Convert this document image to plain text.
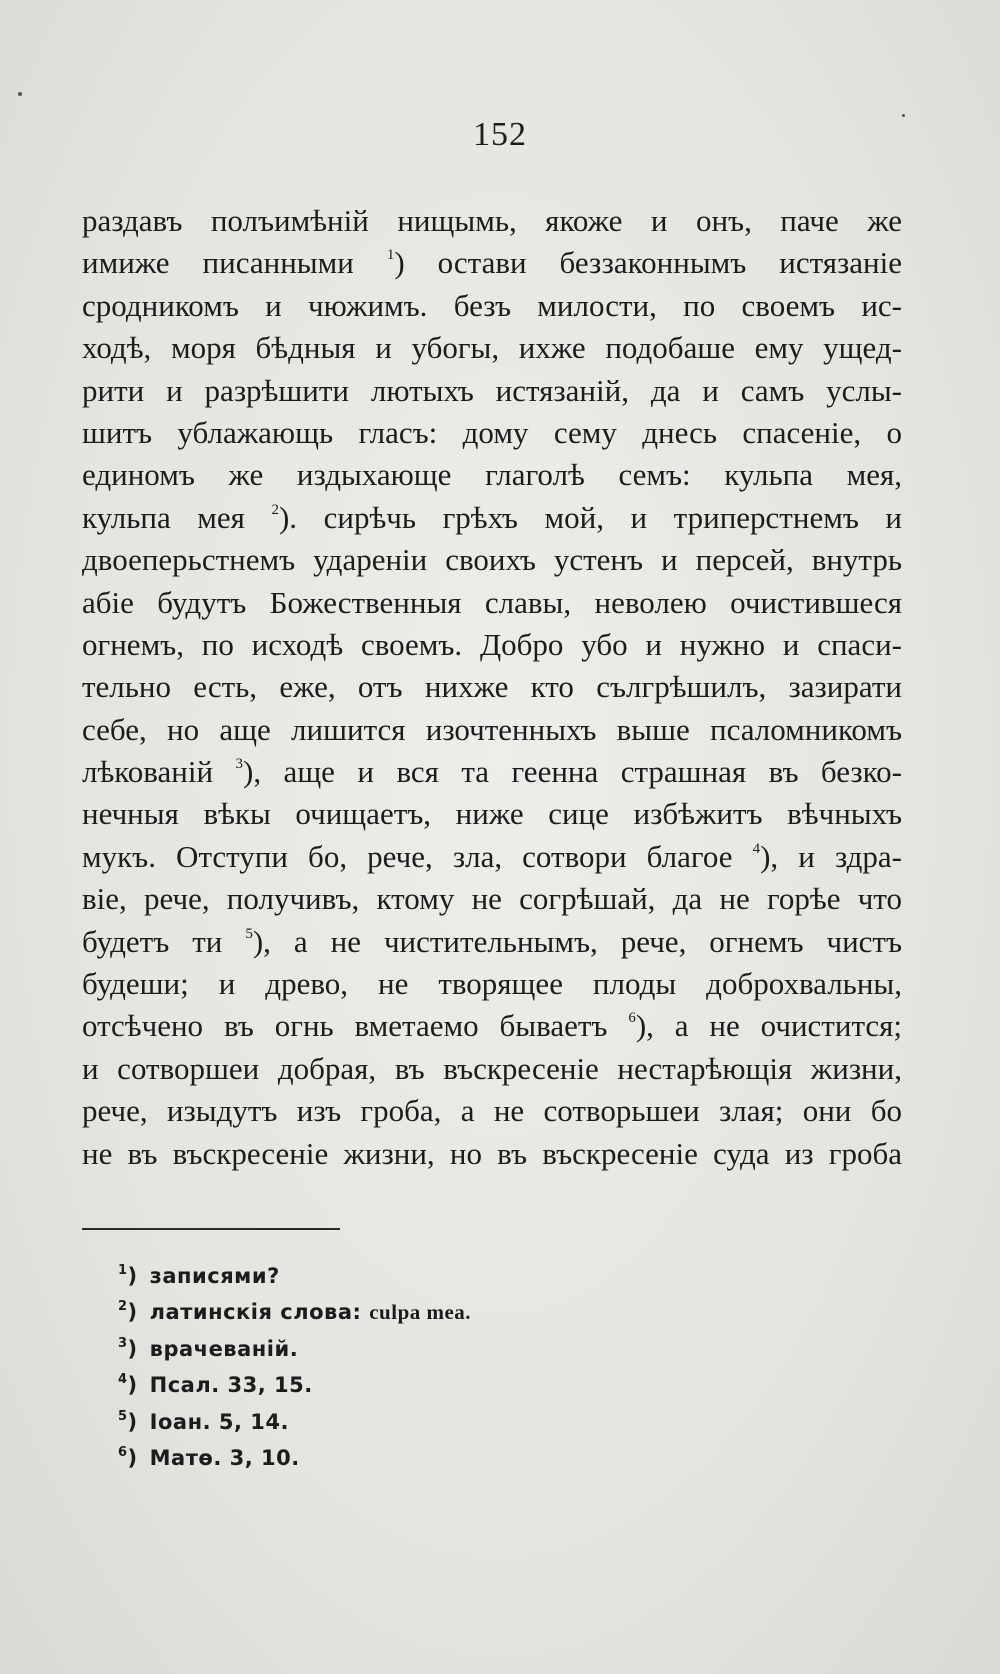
152
раздавъ полъимѣній нищымь, якоже и онъ, паче же
имиже писанными $^1$) остави беззаконнымъ истязаніе
сродникомъ и чюжимъ. безъ милости, по своемъ ис-
ходѣ, моря бѣдныя и убогы, ихже подобаше ему ущед-
рити и разрѣшити лютыхъ истязаній, да и самъ услы-
шитъ ублажающь гласъ: дому сему днесь спасеніе, о
единомъ же издыхающе глаголѣ семъ: кульпа мея,
кульпа мея $^2$). сирѣчь грѣхъ мой, и триперстнемъ и
двоеперьстнемъ удареніи своихъ устенъ и персей, внутрь
абіе будутъ Божественныя славы, неволею очистившеся
огнемъ, по исходѣ своемъ. Добро убо и нужно и спаси-
тельно есть, еже, отъ нихже кто сългрѣшилъ, зазирати
себе, но аще лишится изочтенныхъ выше псаломникомъ
лѣкованій $^3$), аще и вся та геенна страшная въ безко-
нечныя вѣкы очищаетъ, ниже сице избѣжитъ вѣчныхъ
мукъ. Отступи бо, рече, зла, сотвори благое $^4$), и здра-
віе, рече, получивъ, ктому не согрѣшай, да не горѣе что
будетъ ти $^5$), а не чистительнымъ, рече, огнемъ чистъ
будеши; и древо, не творящее плоды доброхвальны,
отсѣчено въ огнь вметаемо бываетъ $^6$), а не очистится;
и сотворшеи добрая, въ въскресеніе нестарѣющія жизни,
рече, изыдутъ изъ гроба, а не сотворьшеи злая; они бо
не въ въскресеніе жизни, но въ въскресеніе суда из гроба
$^1$) записями?
$^2$) латинскія слова: culpa mea.
$^3$) врачеваній.
$^4$) Псал. 33, 15.
$^5$) Іоан. 5, 14.
$^6$) Матѳ. 3, 10.
